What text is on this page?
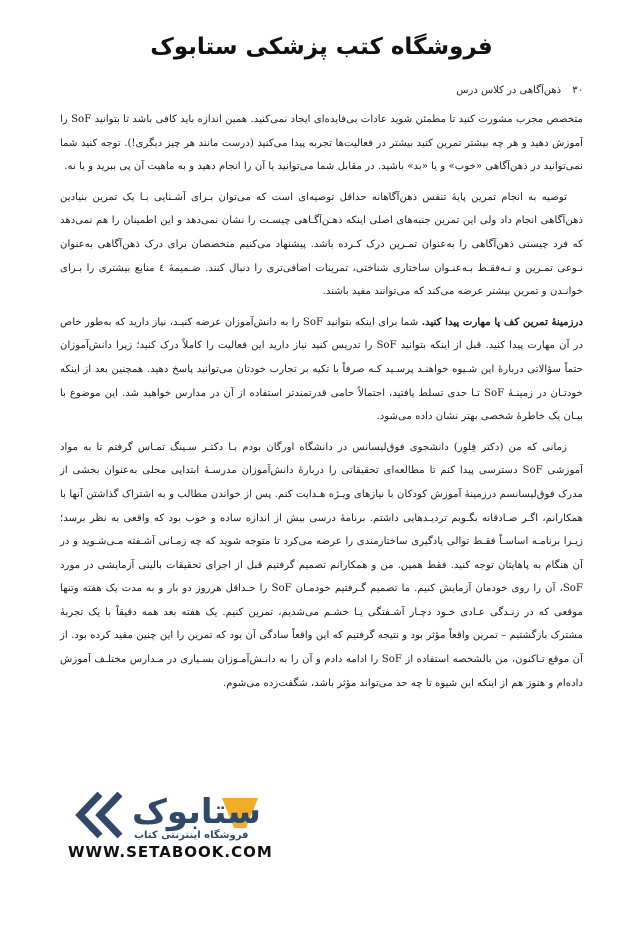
فروشگاه کتب پزشکی ستابوک
۳۰ ذهن‌آگاهی در کلاس درس

متخصص مجرب مشورت کنید تا مطمئن شوید عادات بی‌فایده‌ای ایجاد نمی‌کنید. همین اندازه باید کافی باشد تا بتوانید SoF را آموزش دهید و هر چه بیشتر تمرین کنید بیشتر در فعالیت‌ها تجربه پیدا می‌کنید (درست مانند هر چیز دیگری!). توجه کنید شما نمی‌توانید در ذهن‌آگاهی «خوب» و یا «بد» باشید. در مقابل شما می‌توانید یا آن را انجام دهید و به ماهیت آن پی ببرید و یا نه.

توصیه به انجام تمرین پایهٔ تنفس ذهن‌آگاهانه حداقل توصیه‌ای است که می‌توان بـرای آشـنایی بـا یک تمرین بنیادین ذهن‌آگاهی انجام داد ولی این تمرین جنبه‌های اصلی اینکه ذهـن‌آگـاهی چیسـت را نشان نمی‌دهد و این اطمینان را هم نمی‌دهد که فرد چیستی ذهن‌آگاهی را به‌عنوان تمـرین درک کـرده باشد. پیشنهاد می‌کنیم متخصصان برای درک ذهن‌آگاهی به‌عنوان نـوعی تمـرین و نـه‌فقـط بـه‌عنـوان ساختاری شناختی، تمرینات اضافی‌تری را دنبال کنند. ضـمیمهٔ ٤ منابع بیشتری را بـرای خوانـدن و تمرین بیشتر عرضه می‌کند که می‌توانند مفید باشند.

درزمینهٔ تمرین کف پا مهارت پیدا کنید. شما برای اینکه بتوانید SoF را به دانش‌آموزان عرضه کنیـد، نیاز دارید که به‌طور خاص در آن مهارت پیدا کنید. قبل از اینکه بتوانید SoF را تدریس کنید نیاز دارید این فعالیت را کاملاً درک کنید؛ زیرا دانش‌آموزان حتماً سؤالاتی دربارهٔ این شـیوه خواهنـد پرسـید کـه صرفاً با تکیه بر تجارب خودتان می‌توانید پاسخ دهید. همچنین بعد از اینکه خودتـان در زمینـهٔ SoF تـا حدی تسلط یافتید، احتمالاً حامی قدرتمندتر استفاده از آن در مدارس خواهید شد. این موضوع با بیـان یک خاطرهٔ شخصی بهتر نشان داده می‌شود.

زمانی که من (دکتر فِلوِر) دانشجوی فوق‌لیسانس در دانشگاه اورگان بودم بـا دکتـر سـینگ تمـاس گرفتم تا به مواد آموزشی SoF دسترسی پیدا کنم تا مطالعه‌ای تحقیقاتی را دربارهٔ دانش‌آموزان مدرسـهٔ ابتدایی محلی به‌عنوان بخشی از مدرک فوق‌لیسانسم درزمینهٔ آموزش کودکان با نیازهای ویـژه هـدایت کنم. پس از خواندن مطالب و به اشتراک گذاشتن آنها با همکارانم، اگـر صـادقانه بگـویم تردیـدهایی داشتم. برنامهٔ درسی بیش از اندازه ساده و خوب بود که واقعی به نظر برسد؛ زیـرا برنامـه اساسـاً فقـط توالی یادگیری ساختارمندی را عرضه می‌کرد تا متوجه شوید که چه زمـانی آشـفته مـی‌شـوید و در آن هنگام به پاهایتان توجه کنید. فقط همین. من و همکارانم تصمیم گرفتیم قبل از اجرای تحقیقات بالینی آزمایشی در مورد SoF، آن را روی خودمان آزمایش کنیم. ما تصمیم گـرفتیم خودمـان SoF را حـداقل هرروز دو بار و به مدت یک هفته وتنها موقعی که در زنـدگی عـادی خـود دچـار آشـفتگی یـا خشـم می‌شدیم، تمرین کنیم. یک هفته بعد همه دقیقاً با یک تجربهٔ مشترک بازگشتیم – تمرین واقعاً مؤثر بود و نتیجه گرفتیم که این واقعاً سادگی آن بود که تمرین را این چنین مفید کرده بود. از آن موقع تـاکنون، من بالشخصه استفاده از SoF را ادامه دادم و آن را به دانـش‌آمـوزان بسـیاری در مـدارس مختلـف آموزش داده‌ام و هنوز هم از اینکه این شیوه تا چه حد می‌تواند مؤثر باشد، شگفت‌زده می‌شوم.

ستابوک
فروشگاه اینترنتی کتاب
WWW.SETABOOK.COM
